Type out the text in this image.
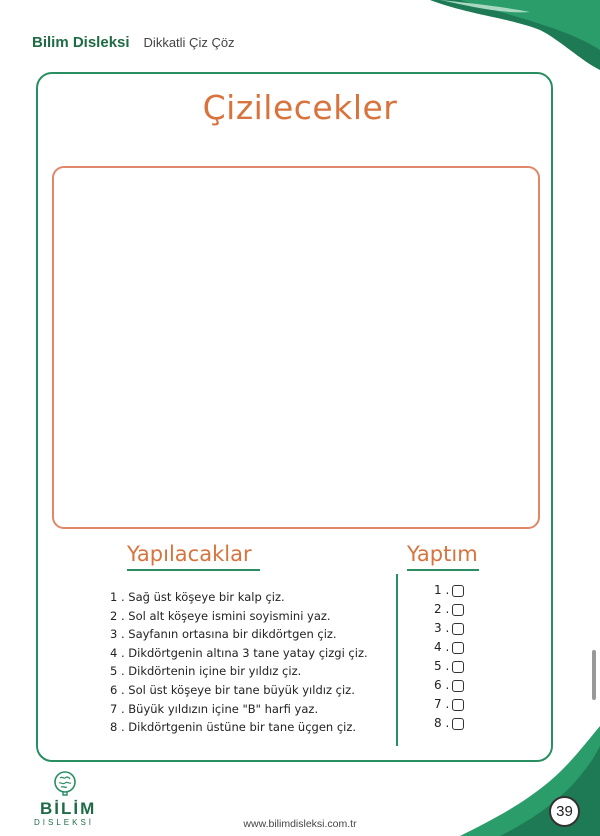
Bilim Disleksi Dikkatli Çiz Çöz
Çizilecekler
Yapılacaklar	Yaptım
1 . Sağ üst köşeye bir kalp çiz.
2 . Sol alt köşeye ismini soyismini yaz.
3 . Sayfanın ortasına bir dikdörtgen çiz.
4 . Dikdörtgenin altına 3 tane yatay çizgi çiz.
5 . Dikdörtenin içine bir yıldız çiz.
6 . Sol üst köşeye bir tane büyük yıldız çiz.
7 . Büyük yıldızın içine "B" harfi yaz.
8 . Dikdörtgenin üstüne bir tane üçgen çiz.
1 .
2 .
3 .
4 .
5 .
6 .
7 .
8 .
BİLİM
DISLEKSİ	www.bilimdisleksi.com.tr
39
